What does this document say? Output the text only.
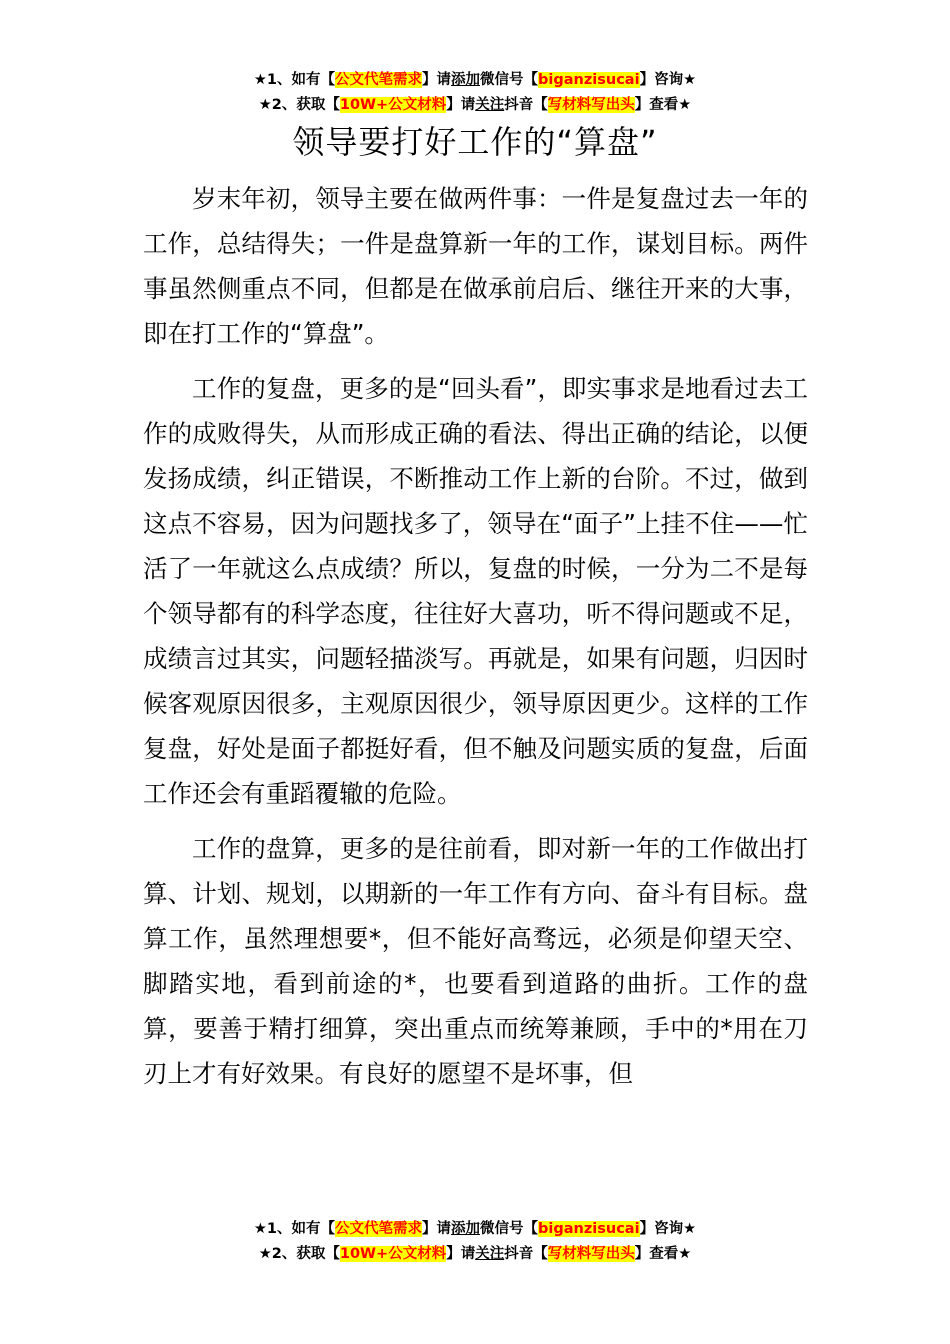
★1、如有【公文代笔需求】请添加微信号【biganzisucai】咨询★
★2、获取【10W+公文材料】请关注抖音【写材料写出头】查看★
领导要打好工作的“算盘”

岁末年初，领导主要在做两件事：一件是复盘过去一年的工作，总结得失；一件是盘算新一年的工作，谋划目标。两件事虽然侧重点不同，但都是在做承前启后、继往开来的大事，即在打工作的“算盘”。

工作的复盘，更多的是“回头看”，即实事求是地看过去工作的成败得失，从而形成正确的看法、得出正确的结论，以便发扬成绩，纠正错误，不断推动工作上新的台阶。不过，做到这点不容易，因为问题找多了，领导在“面子”上挂不住——忙活了一年就这么点成绩？所以，复盘的时候，一分为二不是每个领导都有的科学态度，往往好大喜功，听不得问题或不足，成绩言过其实，问题轻描淡写。再就是，如果有问题，归因时候客观原因很多，主观原因很少，领导原因更少。这样的工作复盘，好处是面子都挺好看，但不触及问题实质的复盘，后面工作还会有重蹈覆辙的危险。

工作的盘算，更多的是往前看，即对新一年的工作做出打算、计划、规划，以期新的一年工作有方向、奋斗有目标。盘算工作，虽然理想要*，但不能好高骛远，必须是仰望天空、脚踏实地，看到前途的*，也要看到道路的曲折。工作的盘算，要善于精打细算，突出重点而统筹兼顾，手中的*用在刀刃上才有好效果。有良好的愿望不是坏事，但

★1、如有【公文代笔需求】请添加微信号【biganzisucai】咨询★
★2、获取【10W+公文材料】请关注抖音【写材料写出头】查看★
